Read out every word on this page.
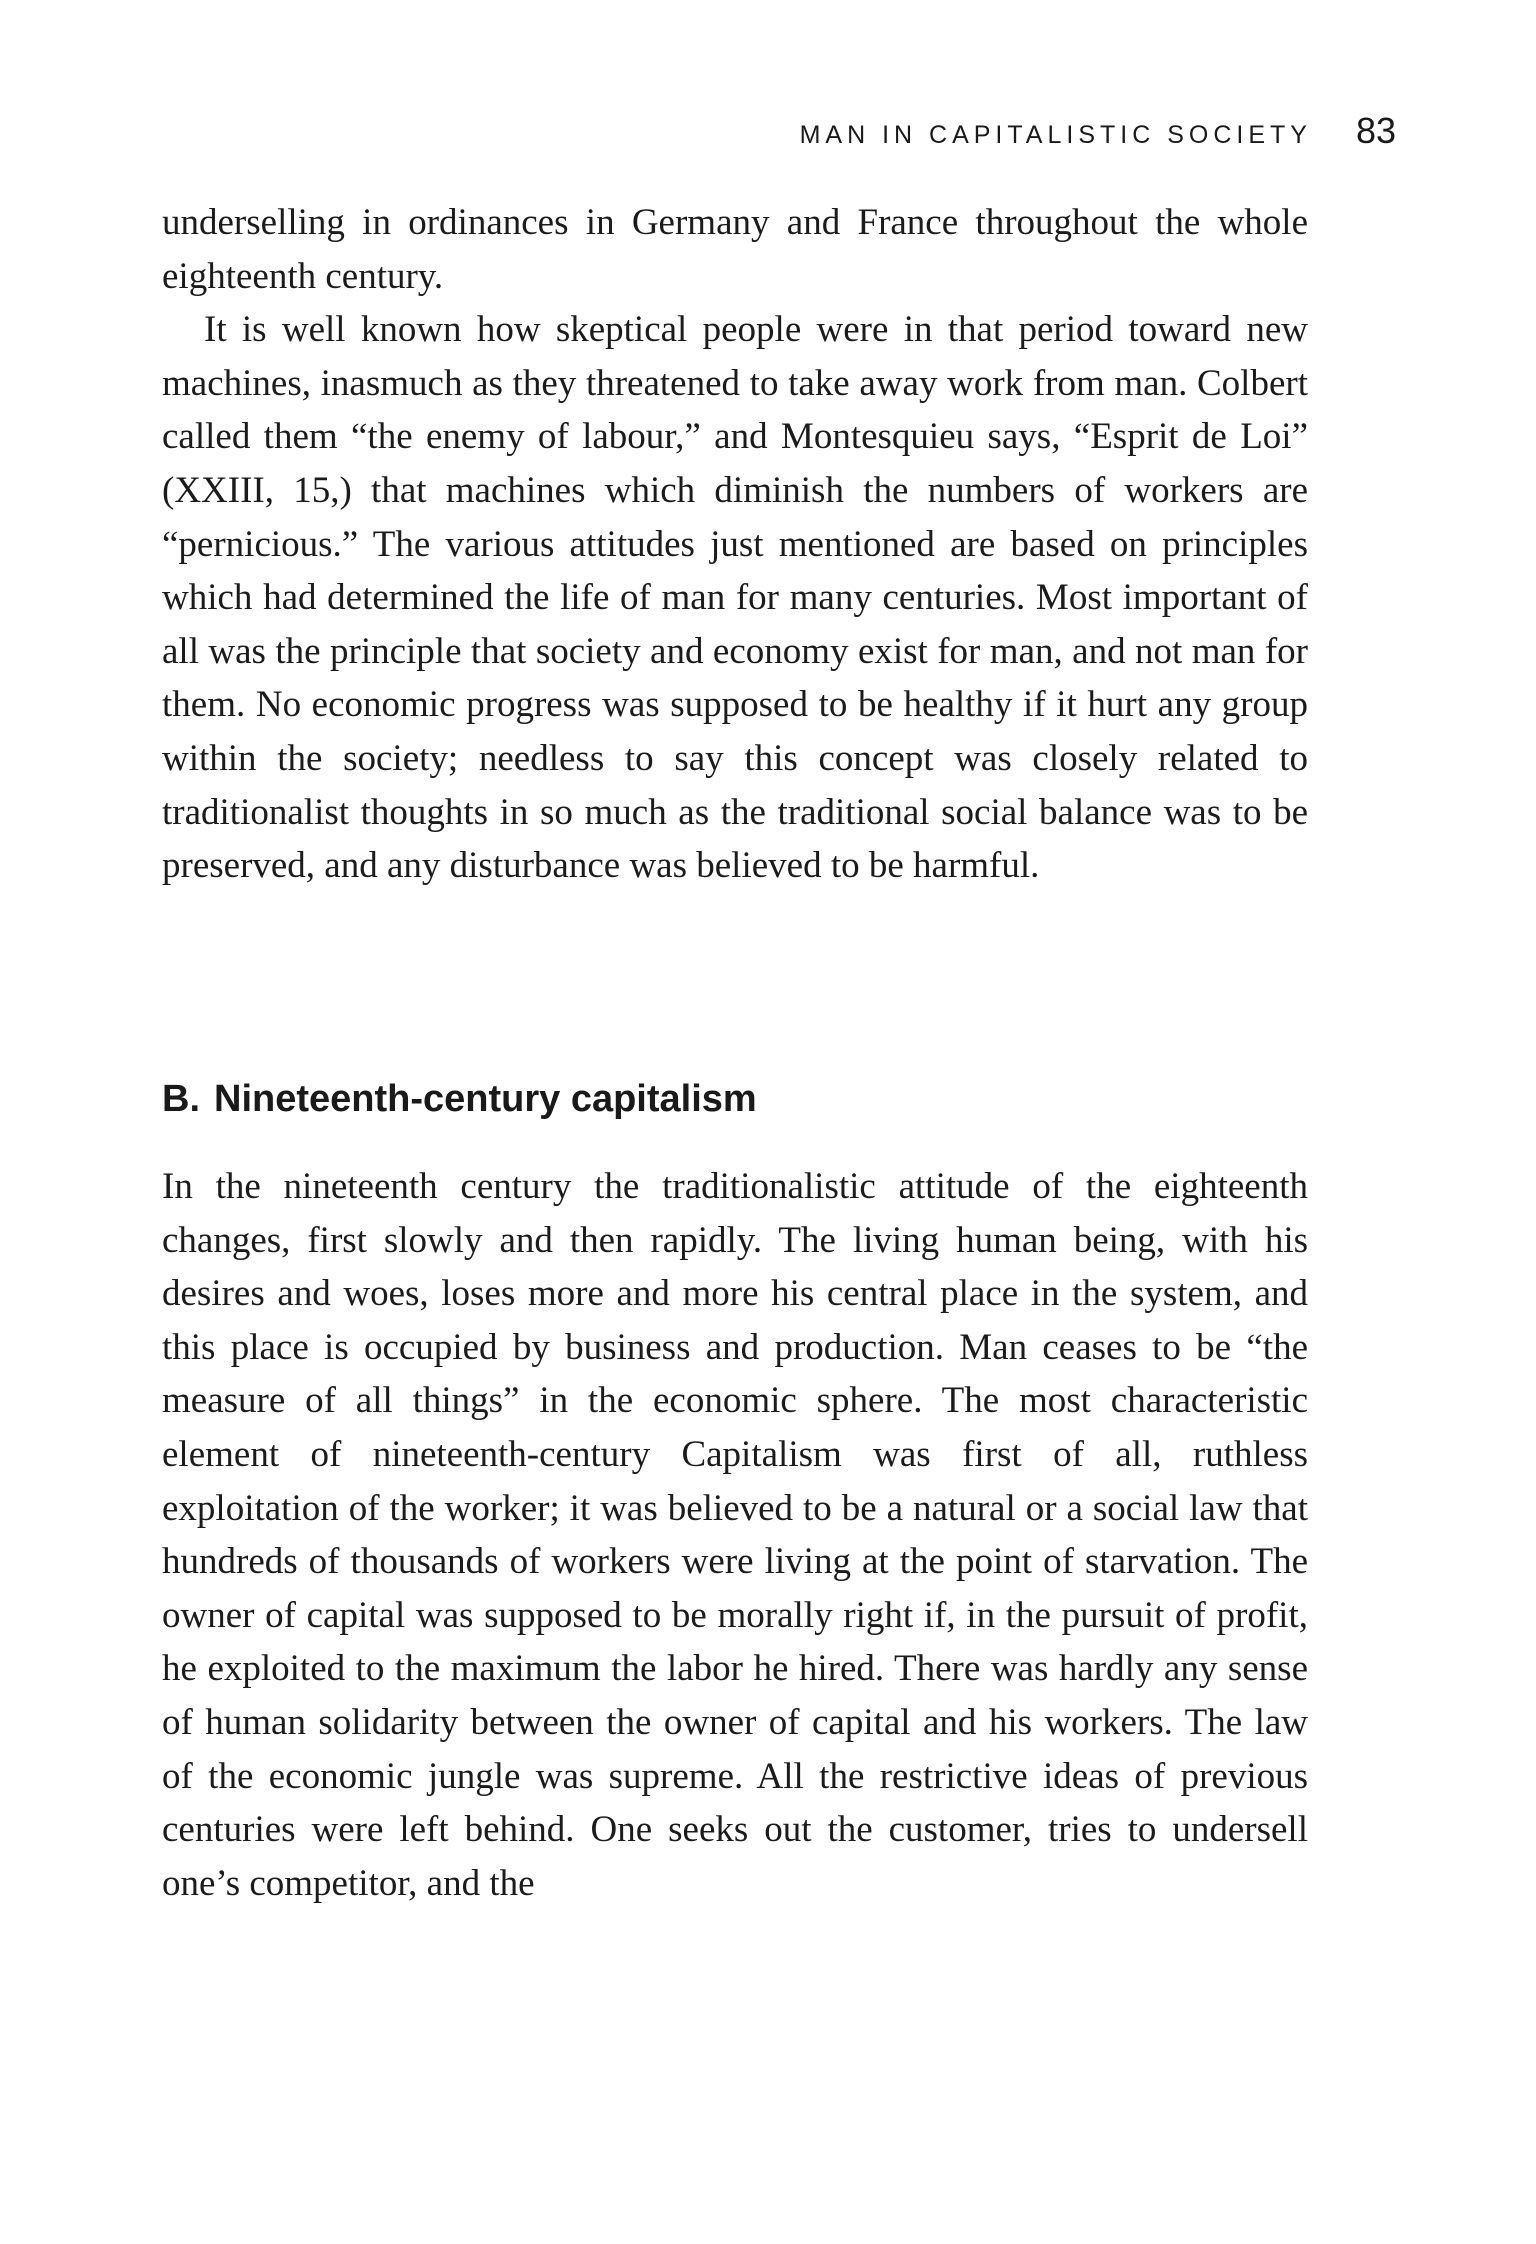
MAN IN CAPITALISTIC SOCIETY 83

underselling in ordinances in Germany and France throughout the whole eighteenth century.

It is well known how skeptical people were in that period toward new machines, inasmuch as they threatened to take away work from man. Colbert called them “the enemy of labour,” and Montesquieu says, “Esprit de Loi” (XXIII, 15,) that machines which diminish the numbers of workers are “pernicious.” The various attitudes just mentioned are based on principles which had determined the life of man for many centuries. Most important of all was the principle that society and economy exist for man, and not man for them. No economic progress was supposed to be healthy if it hurt any group within the society; needless to say this concept was closely related to traditionalist thoughts in so much as the traditional social balance was to be preserved, and any disturbance was believed to be harmful.

B. Nineteenth-century capitalism

In the nineteenth century the traditionalistic attitude of the eighteenth changes, first slowly and then rapidly. The living human being, with his desires and woes, loses more and more his central place in the system, and this place is occupied by business and production. Man ceases to be “the measure of all things” in the economic sphere. The most characteristic element of nineteenth-century Capitalism was first of all, ruthless exploitation of the worker; it was believed to be a natural or a social law that hundreds of thousands of workers were living at the point of starvation. The owner of capital was supposed to be morally right if, in the pursuit of profit, he exploited to the maximum the labor he hired. There was hardly any sense of human solidarity between the owner of capital and his workers. The law of the economic jungle was supreme. All the restrictive ideas of previous centuries were left behind. One seeks out the customer, tries to undersell one’s competitor, and the
